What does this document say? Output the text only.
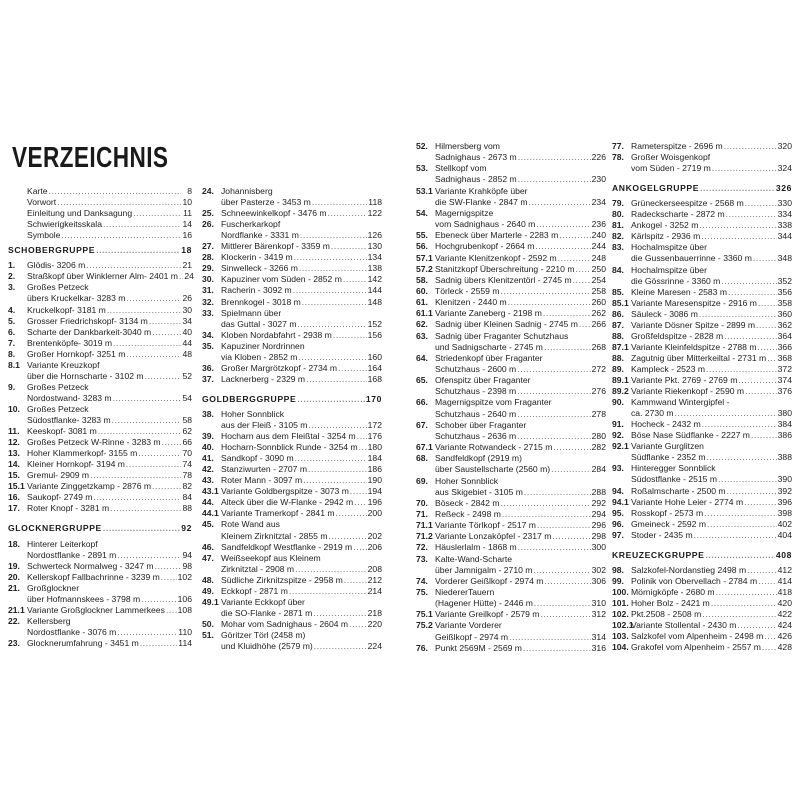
VERZEICHNIS
Karte .....	8
Vorwort .....	10
Einleitung und Danksagung .....	11
Schwierigkeitsskala .....	14
Symbole .....	16
SCHOBERGRUPPE .....	18
1.	Glödis- 3206 m .....	21
2.	Straßkopf über Winklerner Alm- 2401 m ..... 24
3.	Großes Petzeck
übers Kruckelkar- 3283 m .....	26
4.	Kruckelkopf- 3181 m .....	30
5.	Grosser Friedrichskopf- 3134 m .....	34
6.	Scharte der Dankbarkeit-3040 m .....	40
7.	Brentenköpfe- 3019 m .....	44
8.	Großer Hornkopf- 3251 m .....	48
8.1 Variante Kreuzkopf
über die Hornscharte - 3102 m .....	52
9.	Großes Petzeck
Nordostwand- 3283 m .....	54
10. Großes Petzeck
Südostflanke- 3283 m .....	58
11. Keeskopf- 3081 m .....	62
12. Großes Petzeck W-Rinne - 3283 m .....	66
13. Hoher Klammerkopf- 3155 m .....	70
14. Kleiner Hornkopf- 3194 m .....	74
15. Gremul- 2909 m .....	78
15.1 Variante Zinggetzkamp - 2876 m .....	82
16. Saukopf- 2749 m .....	84
17. Roter Knopf - 3281 m .....	88
GLOCKNERGRUPPE .....	92
18. Hinterer Leiterkopf
Nordostflanke - 2891 m .....	94
19. Schwerteck Normalweg - 3247 m .....	98
20. Kellerskopf Fallbachrinne - 3239 m ..... 102
21. Großglockner
über Hofmannskees - 3798 m .....	106
21.1 Variante Großglockner Lammerkees ..... 108
22. Kellersberg
Nordostflanke - 3076 m .....	110
23. Glocknerumfahrung - 3451 m .....	114
24. Johannisberg
über Pasterze - 3453 m .....	118
25. Schneewinkelkopf - 3476 m .....	122
26. Fuscherkarkopf
Nordflanke - 3331 m .....	126
27. Mittlerer Bärenkopf - 3359 m .....	130
28. Klockerin - 3419 m .....	134
29. Sinwelleck - 3266 m .....	138
30. Kapuziner vom Süden - 2852 m .....	142
31. Racherin - 3092 m .....	144
32. Brennkogel - 3018 m .....	148
33. Spielmann über
das Guttal - 3027 m .....	152
34. Kloben Nordabfahrt - 2938 m .....	156
35. Kapuziner Nordrinnen
via Kloben - 2852 m .....	160
36. Großer Margrötzkopf - 2734 m .....	164
37. Lacknerberg - 2329 m .....	168
GOLDBERGGRUPPE .....	170
38. Hoher Sonnblick
aus der Fleiß - 3105 m .....	172
39. Hocharn aus dem Fleißtal - 3254 m ..... 176
40. Hocharn-Sonnblick Runde - 3254 m ..... 180
41. Sandkopf - 3090 m .....	184
42. Stanziwurten - 2707 m .....	186
43. Roter Mann - 3097 m .....	190
43.1 Variante Goldbergspitze - 3073 m ..... 194
44. Alteck über die W-Flanke - 2942 m ..... 196
44.1 Variante Tramerkopf - 2841 m .....	200
45. Rote Wand aus
Kleinem Zirknitztal - 2855 m .....	202
46. Sandfeldkopf Westflanke - 2919 m ..... 206
47. Weißseekopf aus Kleinem
Zirknitztal - 2908 m .....	208
48. Südliche Zirknitzspitze - 2958 m .....	212
49. Eckkopf - 2871 m .....	214
49.1 Variante Eckkopf über
die SO-Flanke - 2871 m .....	218
50. Mohar vom Sadnighaus - 2604 m ..... 220
51. Göritzer Törl (2458 m)
und Kluidhöhe (2579 m) .....	224
52. Hilmersberg vom
Sadnighaus - 2673 m .....	226
53. Stellkopf vom
Sadnighaus - 2852 m .....	230
53.1 Variante Krahköpfe über
die SW-Flanke - 2847 m .....	234
54. Magernigspitze
vom Sadnighaus - 2640 m .....	236
55. Ebeneck über Marterle - 2283 m .....	240
56. Hochgrubenkopf - 2664 m .....	244
57.1 Variante Klenitzenkopf - 2592 m .....	248
57.2 Stanitzkopf Überschreitung - 2210 m ..... 250
58. Sadnig übers Klenitzentörl - 2745 m ..... 254
60. Törleck - 2559 m .....	258
61. Klenitzen - 2440 m .....	260
61.1 Variante Zaneberg - 2198 m .....	262
62. Sadnig über Kleinen Sadnig - 2745 m ..... 266
63. Sadnig über Fraganter Schutzhaus
und Sadnigscharte - 2745 m .....	268
64. Striedenkopf über Fraganter
Schutzhaus - 2600 m .....	272
65. Ofenspitz über Fraganter
Schutzhaus - 2398 m .....	276
66. Magernigspitze vom Fraganter
Schutzhaus - 2640 m .....	278
67. Schober über Fraganter
Schutzhaus - 2636 m .....	280
67.1 Variante Rotwandeck - 2715 m .....	282
68. Sandfeldkopf (2919 m)
über Saustellscharte (2560 m) .....	284
69. Hoher Sonnblick
aus Skigebiet - 3105 m .....	288
70. Böseck - 2842 m .....	292
71. Reßeck - 2498 m .....	294
71.1 Variante Törlkopf - 2517 m .....	296
71.2 Variante Lonzaköpfel - 2317 m .....	298
72. Häuslerlalm - 1868 m .....	300
73. Kalte-Wand-Scharte
über Jamnigalm - 2710 m .....	302
74. Vorderer Geißlkopf - 2974 m .....	306
75. NiedererTauern
(Hagener Hütte) - 2446 m .....	310
75.1 Variante Greilkopf - 2579 m .....	312
75.2 Variante Vorderer
Geißlkopf - 2974 m .....	314
76. Punkt 2569M - 2569 m .....	316
77. Rameterspitze - 2696 m .....	320
78. Großer Woisgenkopf
vom Süden - 2719 m .....	324
ANKOGELGRUPPE .....	326
79. Grüneckerseespitze - 2568 m .....	330
80. Radeckscharte - 2872 m .....	334
81. Ankogel - 3252 m .....	338
82. Kärlspitz - 2936 m .....	344
83. Hochalmspitze über
die Gussenbauerrinne - 3360 m .....	348
84. Hochalmspitze über
die Gössrinne - 3360 m .....	352
85. Kleine Maresen - 2583 m .....	356
85.1 Variante Maresenspitze - 2916 m ..... 358
86. Säuleck - 3086 m .....	360
87. Variante Dösner Spitze - 2899 m .....	362
88. Großfeldspitze - 2828 m .....	364
87.1 Variante Kleinfeldspitze - 2788 m ..... 366
88. Zagutnig über Mitterkeiltal - 2731 m ..... 368
89. Kampleck - 2523 m .....	372
89.1 Variante Pkt. 2769 - 2769 m .....	374
89.2 Variante Riekenkopf - 2590 m .....	376
90. Kammwand Wintergipfel -
ca. 2730 m .....	380
91. Hocheck - 2432 m .....	384
92. Böse Nase Südflanke - 2227 m .....	386
92.1 Variante Gurglitzen
Südflanke - 2352 m .....	388
93. Hinteregger Sonnblick
Südostflanke - 2515 m .....	390
94. Roßalmscharte - 2500 m .....	392
94.1 Variante Hohe Leier - 2774 m .....	396
95. Rosskopf - 2573 m .....	398
96. Gmeineck - 2592 m .....	402
97. Stoder - 2435 m .....	404
KREUZECKGRUPPE .....	408
98. Salzkofel-Nordanstieg 2498 m .....	412
99. Polinik von Obervellach - 2784 m ..... 414
100. Mörnigköpfe - 2680 m .....	418
101. Hoher Bolz - 2421 m .....	420
102. Pkt.2508 - 2508 m .....	422
102.1
Variante Stollental - 2430 m .....	424
103. Salzkofel vom Alpenheim - 2498 m ..... 426
104. Grakofel vom Alpenheim - 2557 m ..... 428
